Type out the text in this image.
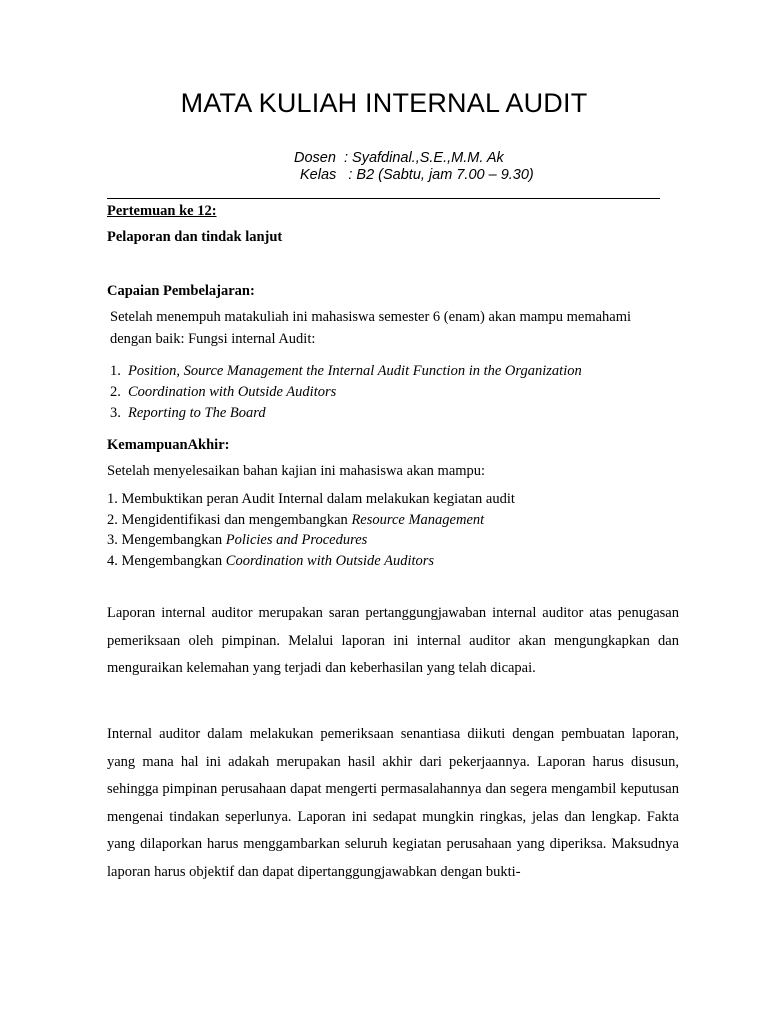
MATA KULIAH INTERNAL AUDIT
Dosen  : Syafdinal.,S.E.,M.M. Ak
Kelas   : B2 (Sabtu, jam 7.00 – 9.30)
Pertemuan ke 12:
Pelaporan dan tindak lanjut
Capaian Pembelajaran:
Setelah menempuh matakuliah ini mahasiswa semester 6 (enam) akan mampu memahami
dengan baik: Fungsi internal Audit:
1. Position, Source Management the Internal Audit Function in the Organization
2. Coordination with Outside Auditors
3. Reporting to The Board
KemampuanAkhir:
Setelah menyelesaikan bahan kajian ini mahasiswa akan mampu:
1. Membuktikan peran Audit Internal dalam melakukan kegiatan audit
2. Mengidentifikasi dan mengembangkan Resource Management
3. Mengembangkan Policies and Procedures
4. Mengembangkan Coordination with Outside Auditors

Laporan internal auditor merupakan saran pertanggungjawaban internal auditor atas penugasan pemeriksaan oleh pimpinan. Melalui laporan ini internal auditor akan mengungkapkan dan menguraikan kelemahan yang terjadi dan keberhasilan yang telah dicapai.

Internal auditor dalam melakukan pemeriksaan senantiasa diikuti dengan pembuatan laporan, yang mana hal ini adakah merupakan hasil akhir dari pekerjaannya. Laporan harus disusun, sehingga pimpinan perusahaan dapat mengerti permasalahannya dan segera mengambil keputusan mengenai tindakan seperlunya. Laporan ini sedapat mungkin ringkas, jelas dan lengkap. Fakta yang dilaporkan harus menggambarkan seluruh kegiatan perusahaan yang diperiksa. Maksudnya laporan harus objektif dan dapat dipertanggungjawabkan dengan bukti-
